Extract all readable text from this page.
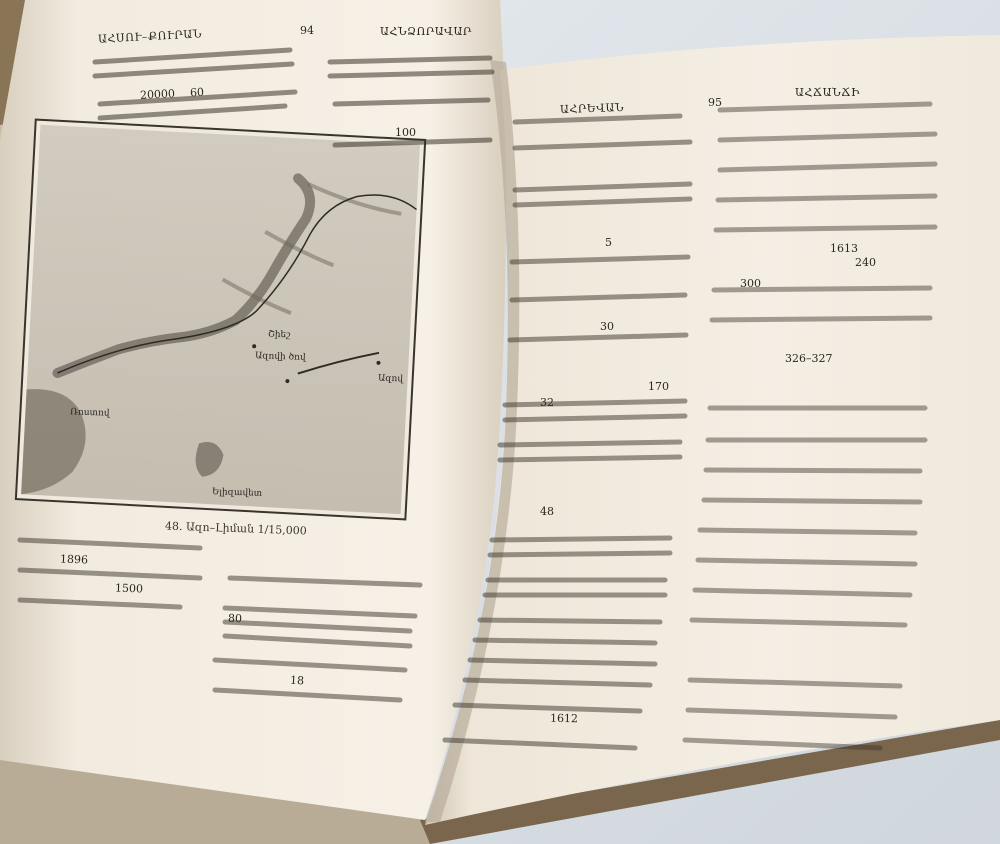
ԱՀՍՈՒ–ՔՈՒՐԱՆ	94	ԱՀՆՁՈՐԱՎԱՐ
48. Ազո–Լիման 1/15,000
ԱՀՐԵՎԱՆ	95
ԱՀՃԱՆՃԻ
Շիեշ
Ազովի ծով
Ազով
Ռոստով
Ելիզավետ
20000 60
100
1896
1500
80
18
5
30
170
32
48
1612
1613
240
300
326–327
